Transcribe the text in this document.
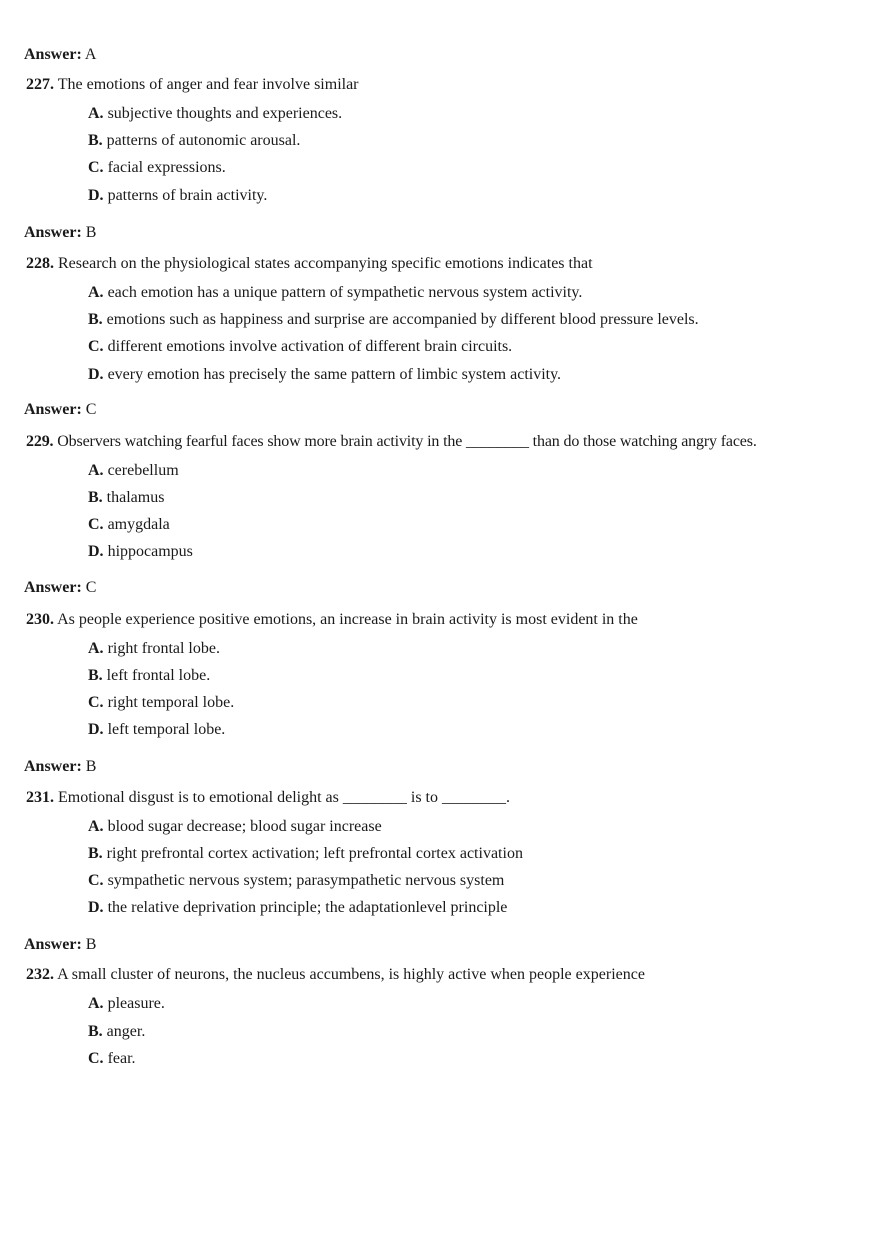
Answer: A
227. The emotions of anger and fear involve similar
A. subjective thoughts and experiences.
B. patterns of autonomic arousal.
C. facial expressions.
D. patterns of brain activity.
Answer: B
228. Research on the physiological states accompanying specific emotions indicates that
A. each emotion has a unique pattern of sympathetic nervous system activity.
B. emotions such as happiness and surprise are accompanied by different blood pressure levels.
C. different emotions involve activation of different brain circuits.
D. every emotion has precisely the same pattern of limbic system activity.
Answer: C
229. Observers watching fearful faces show more brain activity in the ________ than do those watching angry faces.
A. cerebellum
B. thalamus
C. amygdala
D. hippocampus
Answer: C
230. As people experience positive emotions, an increase in brain activity is most evident in the
A. right frontal lobe.
B. left frontal lobe.
C. right temporal lobe.
D. left temporal lobe.
Answer: B
231. Emotional disgust is to emotional delight as ________ is to ________.
A. blood sugar decrease; blood sugar increase
B. right prefrontal cortex activation; left prefrontal cortex activation
C. sympathetic nervous system; parasympathetic nervous system
D. the relative deprivation principle; the adaptationlevel principle
Answer: B
232. A small cluster of neurons, the nucleus accumbens, is highly active when people experience
A. pleasure.
B. anger.
C. fear.
